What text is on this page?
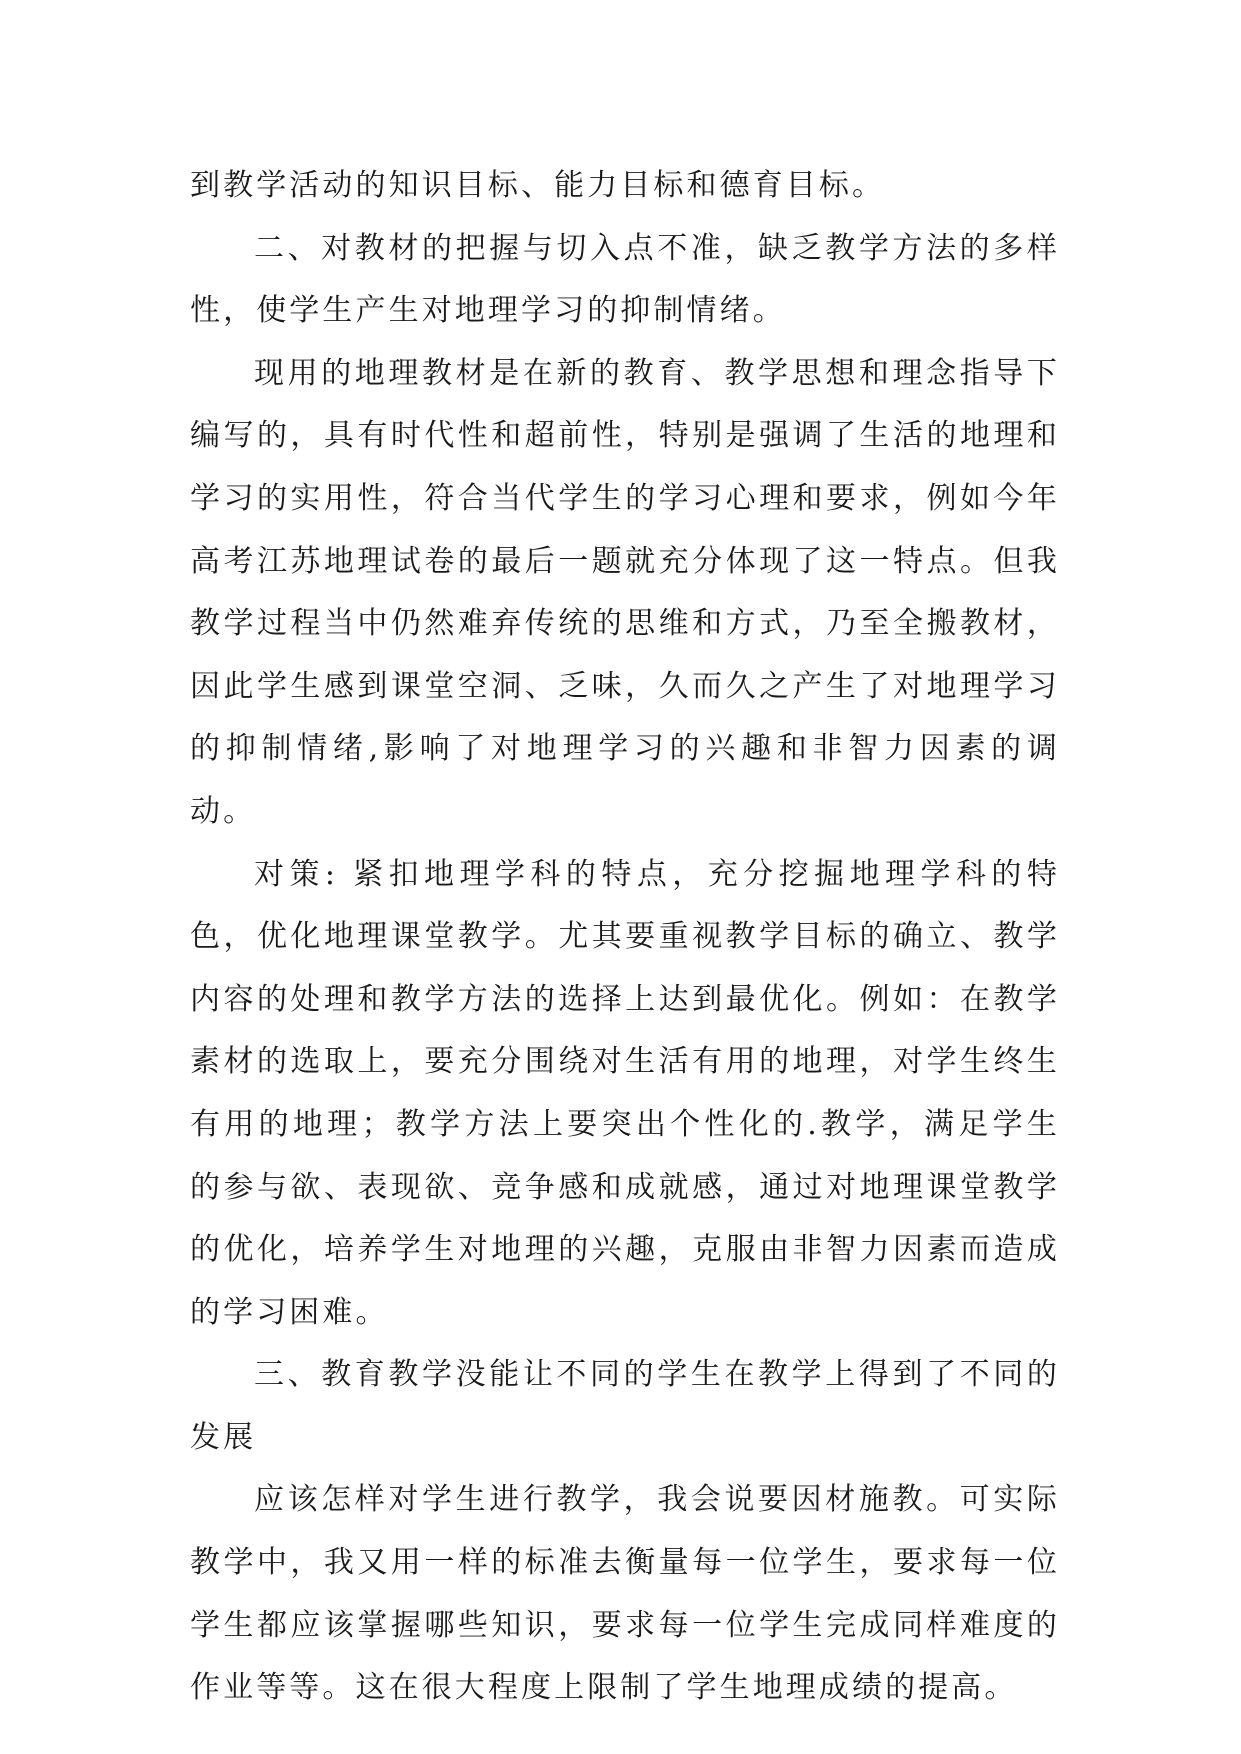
到教学活动的知识目标、能力目标和德育目标。

二、对教材的把握与切入点不准，缺乏教学方法的多样性，使学生产生对地理学习的抑制情绪。

现用的地理教材是在新的教育、教学思想和理念指导下编写的，具有时代性和超前性，特别是强调了生活的地理和学习的实用性，符合当代学生的学习心理和要求，例如今年高考江苏地理试卷的最后一题就充分体现了这一特点。但我教学过程当中仍然难弃传统的思维和方式，乃至全搬教材，因此学生感到课堂空洞、乏味，久而久之产生了对地理学习的抑制情绪,影响了对地理学习的兴趣和非智力因素的调动。

对策: 紧扣地理学科的特点，充分挖掘地理学科的特色，优化地理课堂教学。尤其要重视教学目标的确立、教学内容的处理和教学方法的选择上达到最优化。例如：在教学素材的选取上，要充分围绕对生活有用的地理，对学生终生有用的地理；教学方法上要突出个性化的.教学，满足学生的参与欲、表现欲、竞争感和成就感，通过对地理课堂教学的优化，培养学生对地理的兴趣，克服由非智力因素而造成的学习困难。

三、教育教学没能让不同的学生在教学上得到了不同的发展

应该怎样对学生进行教学，我会说要因材施教。可实际教学中，我又用一样的标准去衡量每一位学生，要求每一位学生都应该掌握哪些知识，要求每一位学生完成同样难度的作业等等。这在很大程度上限制了学生地理成绩的提高。
